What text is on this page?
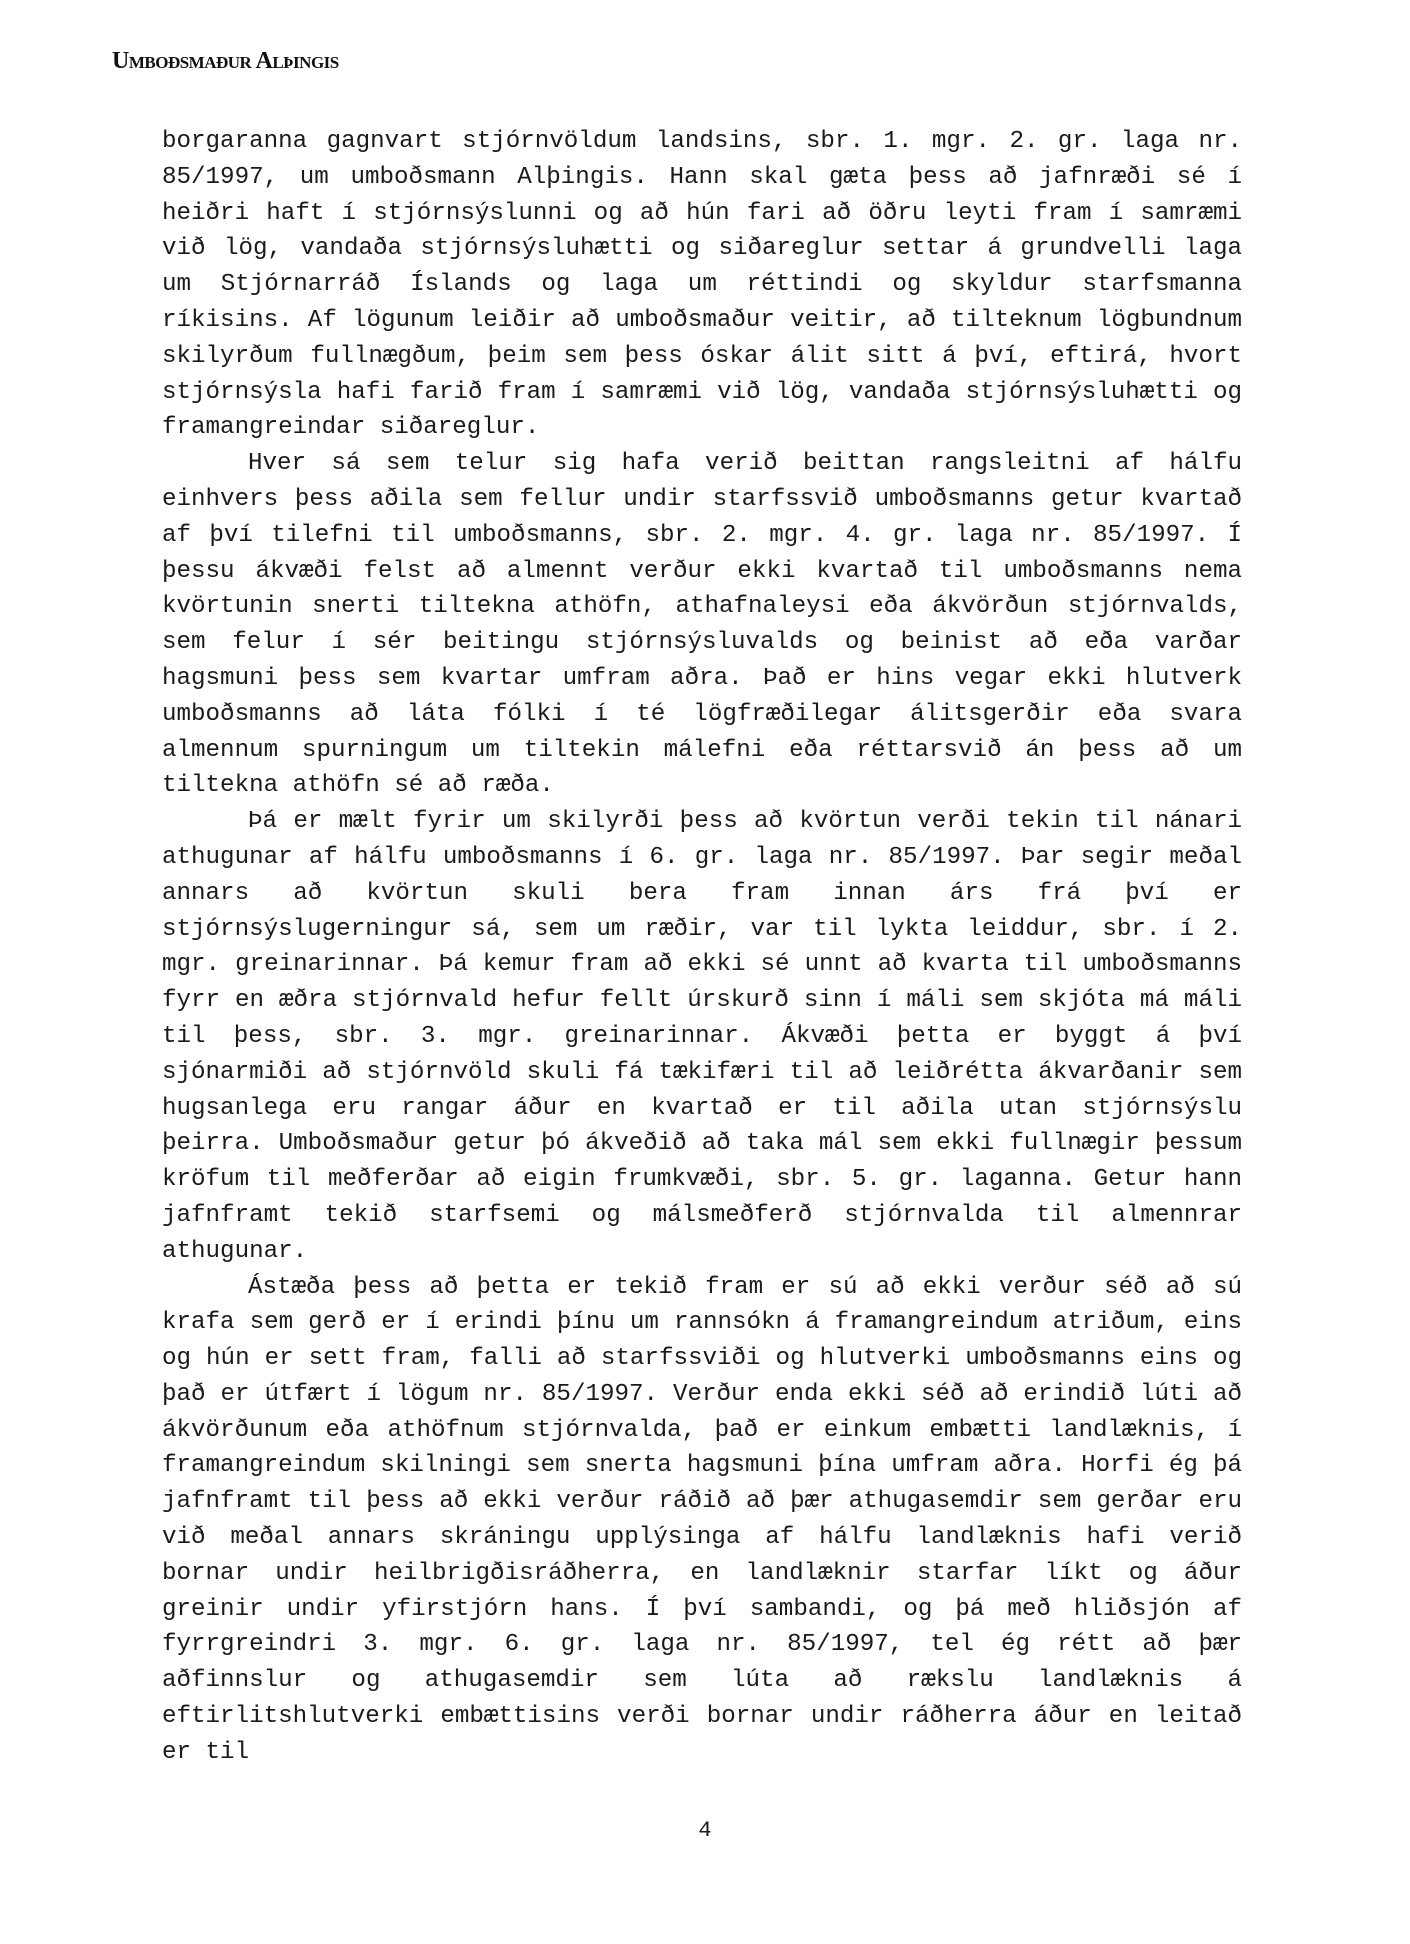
Umboðsmaður Alþingis

borgaranna gagnvart stjórnvöldum landsins, sbr. 1. mgr. 2. gr. laga nr. 85/1997, um umboðsmann Alþingis. Hann skal gæta þess að jafnræði sé í heiðri haft í stjórnsýslunni og að hún fari að öðru leyti fram í samræmi við lög, vandaða stjórnsýsluhætti og siðareglur settar á grundvelli laga um Stjórnarráð Íslands og laga um réttindi og skyldur starfsmanna ríkisins. Af lögunum leiðir að umboðsmaður veitir, að tilteknum lögbundnum skilyrðum fullnægðum, þeim sem þess óskar álit sitt á því, eftirá, hvort stjórnsýsla hafi farið fram í samræmi við lög, vandaða stjórnsýsluhætti og framangreindar siðareglur.

Hver sá sem telur sig hafa verið beittan rangsleitni af hálfu einhvers þess aðila sem fellur undir starfssvið umboðsmanns getur kvartað af því tilefni til umboðsmanns, sbr. 2. mgr. 4. gr. laga nr. 85/1997. Í þessu ákvæði felst að almennt verður ekki kvartað til umboðsmanns nema kvörtunin snerti tiltekna athöfn, athafnaleysi eða ákvörðun stjórnvalds, sem felur í sér beitingu stjórnsýsluvalds og beinist að eða varðar hagsmuni þess sem kvartar umfram aðra. Það er hins vegar ekki hlutverk umboðsmanns að láta fólki í té lögfræðilegar álitsgerðir eða svara almennum spurningum um tiltekin málefni eða réttarsvið án þess að um tiltekna athöfn sé að ræða.

Þá er mælt fyrir um skilyrði þess að kvörtun verði tekin til nánari athugunar af hálfu umboðsmanns í 6. gr. laga nr. 85/1997. Þar segir meðal annars að kvörtun skuli bera fram innan árs frá því er stjórnsýslugerningur sá, sem um ræðir, var til lykta leiddur, sbr. í 2. mgr. greinarinnar. Þá kemur fram að ekki sé unnt að kvarta til umboðsmanns fyrr en æðra stjórnvald hefur fellt úrskurð sinn í máli sem skjóta má máli til þess, sbr. 3. mgr. greinarinnar. Ákvæði þetta er byggt á því sjónarmiði að stjórnvöld skuli fá tækifæri til að leiðrétta ákvarðanir sem hugsanlega eru rangar áður en kvartað er til aðila utan stjórnsýslu þeirra. Umboðsmaður getur þó ákveðið að taka mál sem ekki fullnægir þessum kröfum til meðferðar að eigin frumkvæði, sbr. 5. gr. laganna. Getur hann jafnframt tekið starfsemi og málsmeðferð stjórnvalda til almennrar athugunar.

Ástæða þess að þetta er tekið fram er sú að ekki verður séð að sú krafa sem gerð er í erindi þínu um rannsókn á framangreindum atriðum, eins og hún er sett fram, falli að starfssviði og hlutverki umboðsmanns eins og það er útfært í lögum nr. 85/1997. Verður enda ekki séð að erindið lúti að ákvörðunum eða athöfnum stjórnvalda, það er einkum embætti landlæknis, í framangreindum skilningi sem snerta hagsmuni þína umfram aðra. Horfi ég þá jafnframt til þess að ekki verður ráðið að þær athugasemdir sem gerðar eru við meðal annars skráningu upplýsinga af hálfu landlæknis hafi verið bornar undir heilbrigðisráðherra, en landlæknir starfar líkt og áður greinir undir yfirstjórn hans. Í því sambandi, og þá með hliðsjón af fyrrgreindri 3. mgr. 6. gr. laga nr. 85/1997, tel ég rétt að þær aðfinnslur og athugasemdir sem lúta að rækslu landlæknis á eftirlitshlutverki embættisins verði bornar undir ráðherra áður en leitað er til

4
